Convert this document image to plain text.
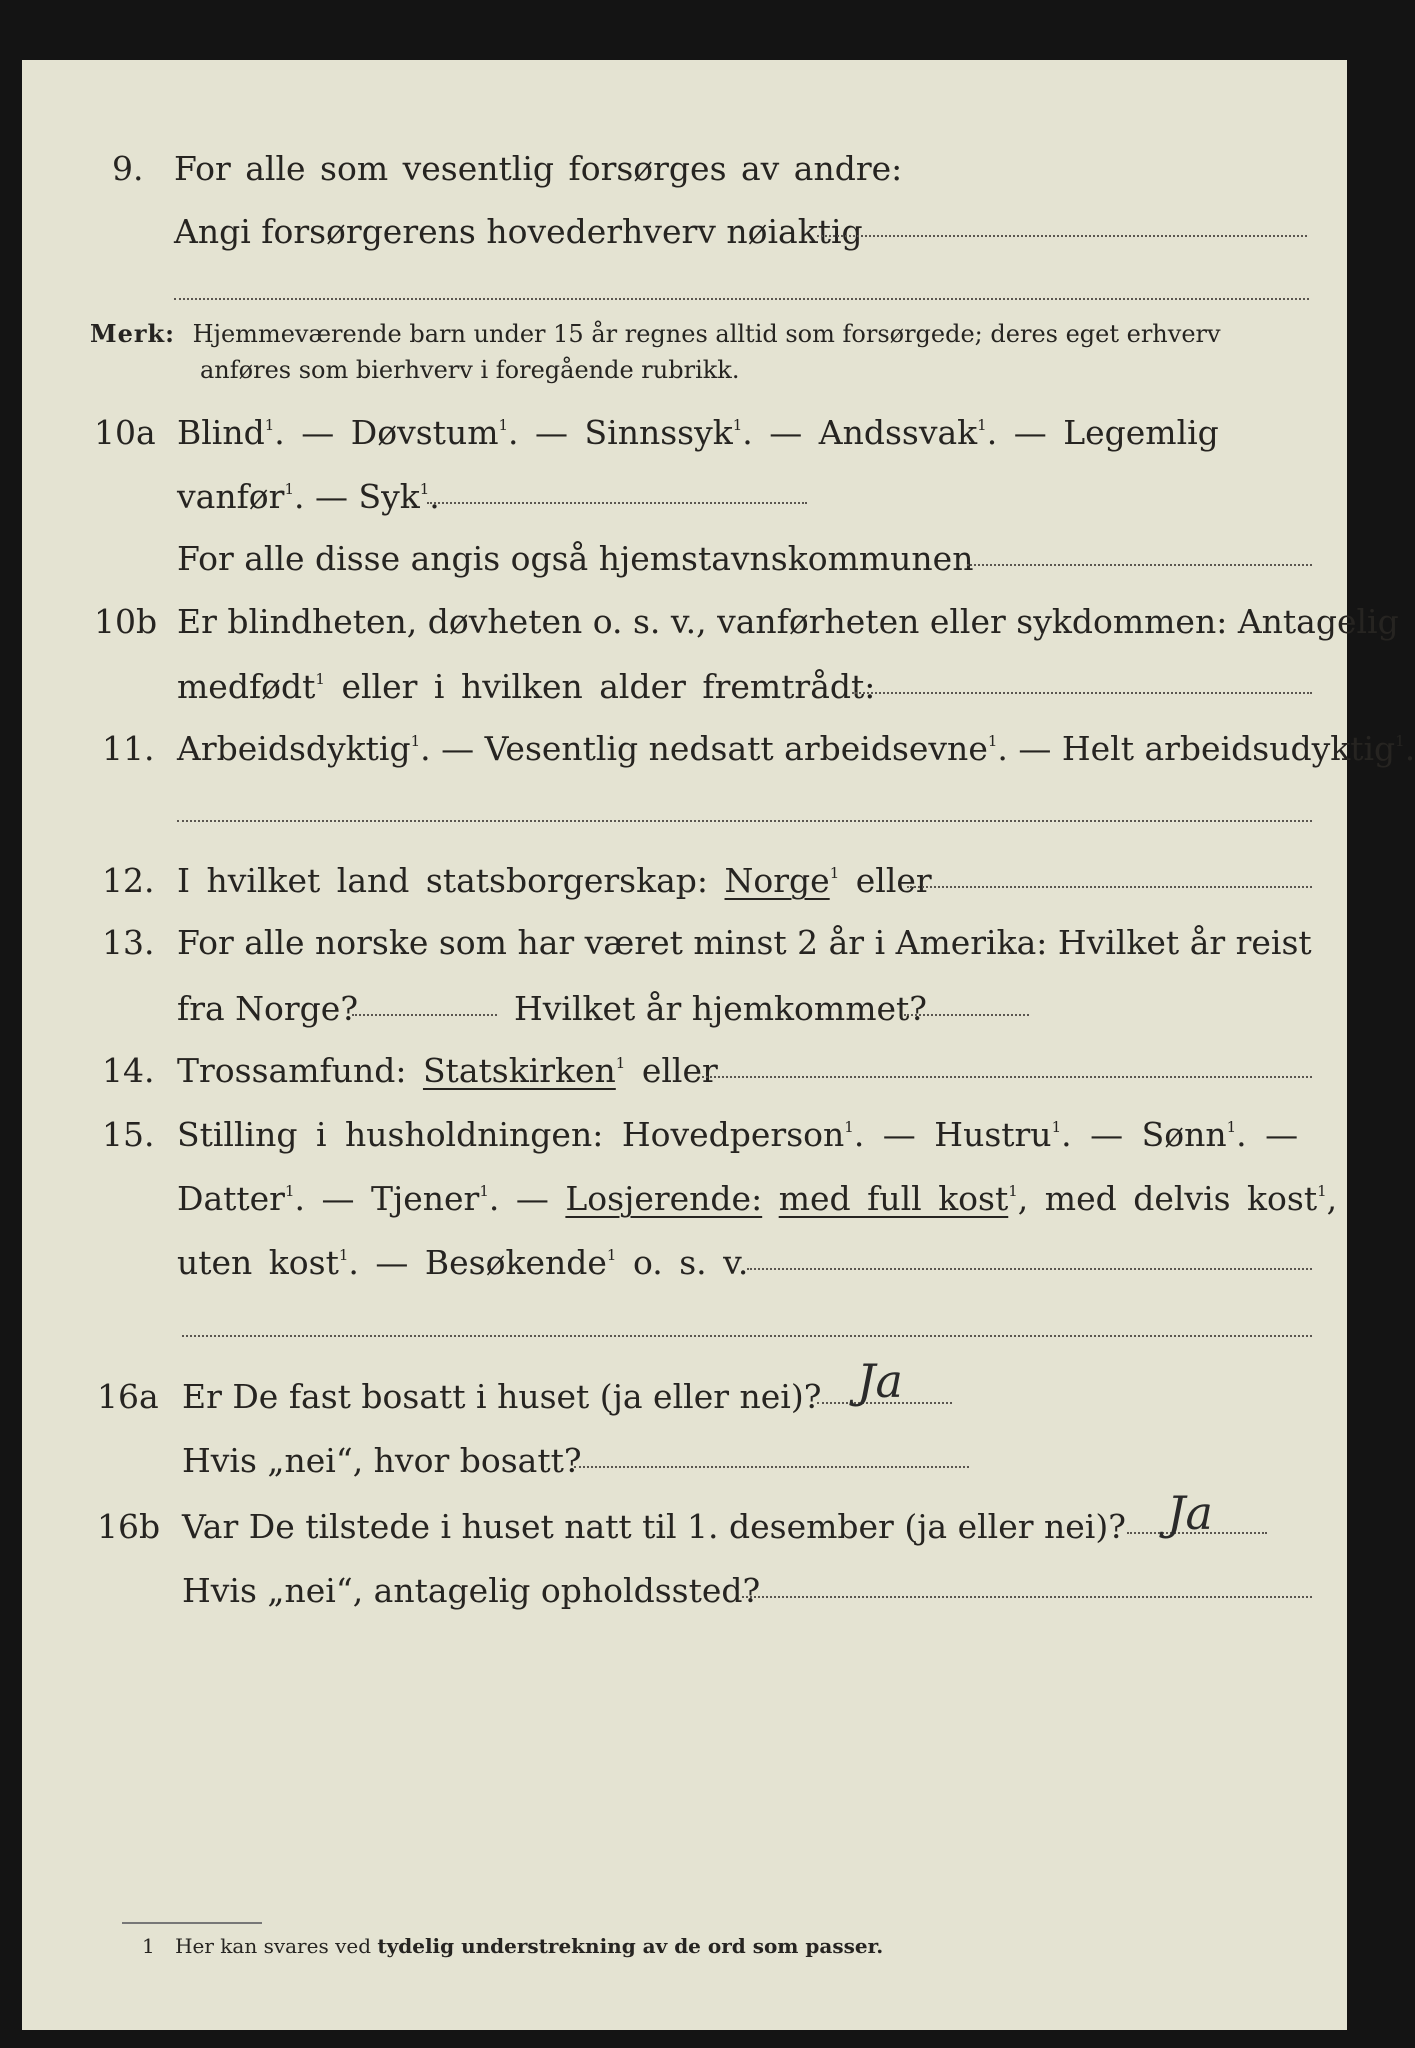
9. For alle som vesentlig forsørges av andre:
Angi forsørgerens hovederhverv nøiaktig
Merk: Hjemmeværende barn under 15 år regnes alltid som forsørgede; deres eget erhverv
anføres som bierhverv i foregående rubrikk.
10a Blind$^1$. — Døvstum$^1$. — Sinnssyk$^1$. — Andssvak$^1$. — Legemlig
vanfør$^1$. — Syk$^1$.
For alle disse angis også hjemstavnskommunen
10b Er blindheten, døvheten o. s. v., vanførheten eller sykdommen: Antagelig
medfødt$^1$ eller i hvilken alder fremtrådt:
11. Arbeidsdyktig$^1$. — Vesentlig nedsatt arbeidsevne$^1$. — Helt arbeidsudyktig$^1$.
12. I hvilket land statsborgerskap: Norge$^1$ eller
13. For alle norske som har været minst 2 år i Amerika: Hvilket år reist
fra Norge?	Hvilket år hjemkommet?
14. Trossamfund: Statskirken$^1$ eller
15. Stilling i husholdningen: Hovedperson$^1$. — Hustru$^1$. — Sønn$^1$. —
Datter$^1$. — Tjener$^1$. — Losjerende: med full kost$^1$, med delvis kost$^1$,
uten kost$^1$. — Besøkende$^1$ o. s. v.
16a Er De fast bosatt i huset (ja eller nei)? Ja
Hvis „nei“, hvor bosatt?
16b Var De tilstede i huset natt til 1. desember (ja eller nei)? Ja
Hvis „nei“, antagelig opholdssted?
1 Her kan svares ved tydelig understrekning av de ord som passer.
